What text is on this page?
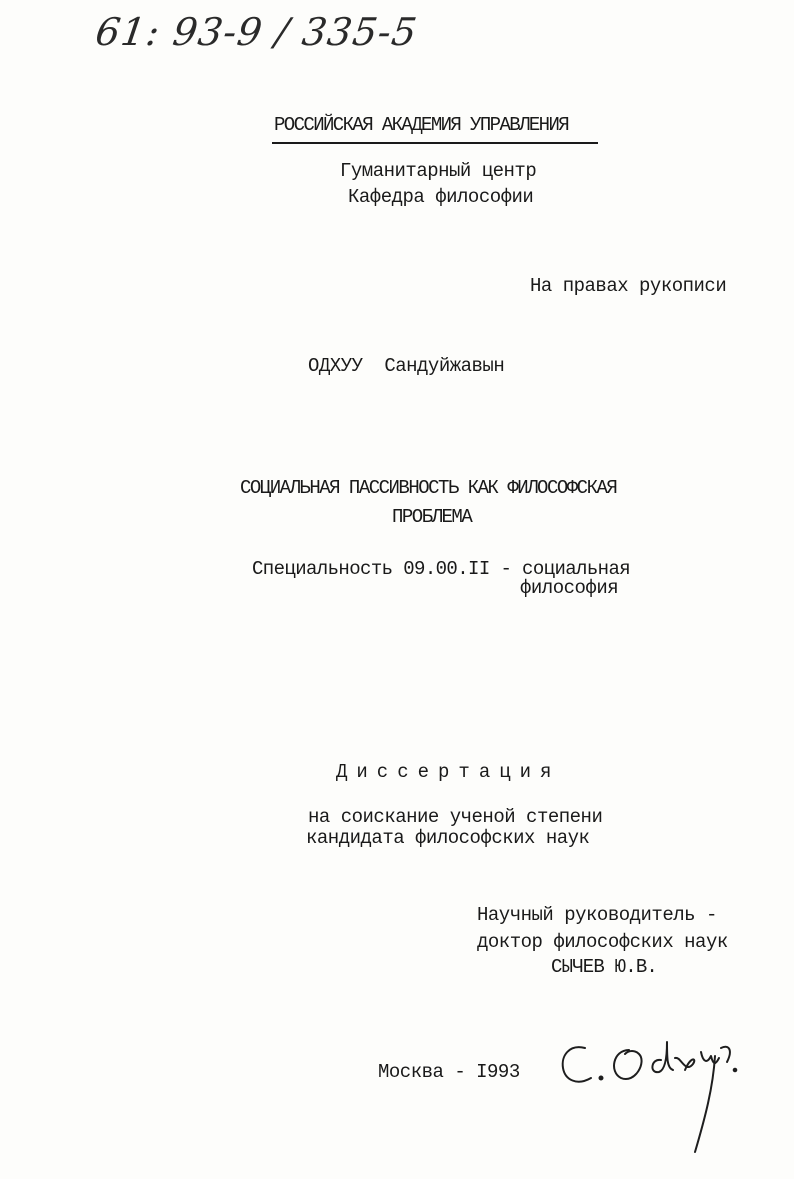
61: 93-9 / 335-5
РОССИЙСКАЯ АКАДЕМИЯ УПРАВЛЕНИЯ
Гуманитарный центр
Кафедра философии
На правах рукописи
ОДХУУ  Сандуйжавын
СОЦИАЛЬНАЯ ПАССИВНОСТЬ КАК ФИЛОСОФСКАЯ
ПРОБЛЕМА
Специальность 09.00.II - социальная
философия
Диссертация
на соискание ученой степени
кандидата философских наук
Научный руководитель -
доктор философских наук
СЫЧЕВ Ю.В.
Москва - I993
